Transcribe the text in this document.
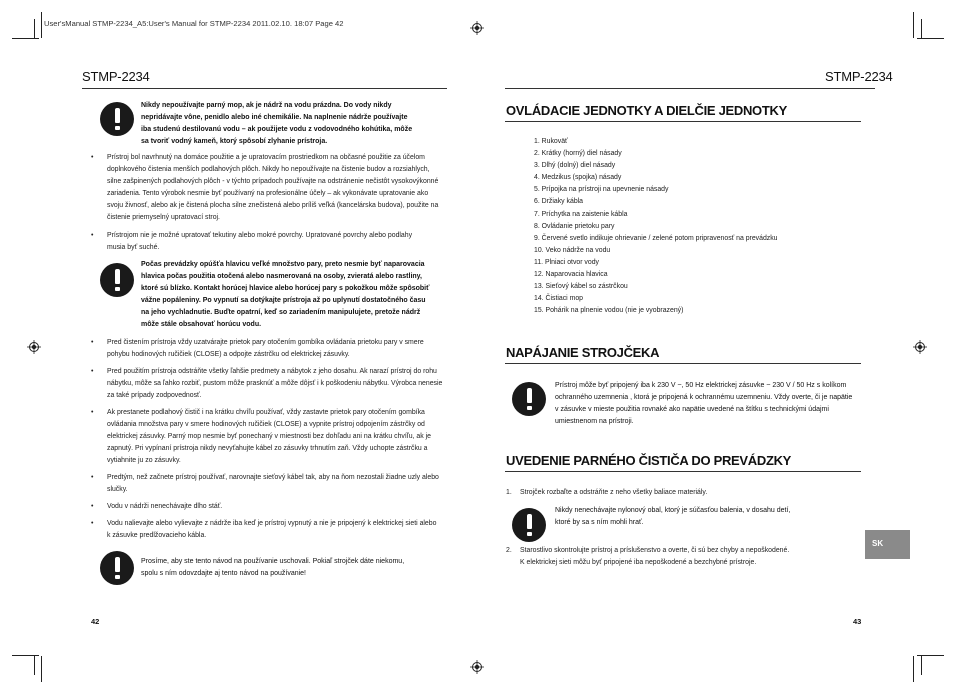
User'sManual STMP-2234_A5:User's Manual for STMP-2234 2011.02.10. 18:07 Page 42
STMP-2234
Nikdy nepoužívajte parný mop, ak je nádrž na vodu prázdna. Do vody nikdy
nepridávajte vône, penidlo alebo iné chemikálie. Na naplnenie nádrže používajte
iba studenú destilovanú vodu – ak použijete vodu z vodovodného kohútika, môže
sa tvoriť vodný kameň, ktorý spôsobí zlyhanie prístroja.
• Prístroj bol navrhnutý na domáce použitie a je upratovacím prostriedkom na občasné použitie za účelom
doplnkového čistenia menších podlahových plôch. Nikdy ho nepoužívajte na čistenie budov a rozsiahlych,
silne zašpinených podlahových plôch - v týchto prípadoch používajte na odstránenie nečistôt vysokovýkonné
zariadenia. Tento výrobok nesmie byť používaný na profesionálne účely – ak vykonávate upratovanie ako
svoju živnosť, alebo ak je čistená plocha silne znečistená alebo príliš veľká (kancelárska budova), použite na
čistenie priemyselný upratovací stroj.
• Prístrojom nie je možné upratovať tekutiny alebo mokré povrchy. Upratované povrchy alebo podlahy
musia byť suché.
Počas prevádzky opúšťa hlavicu veľké množstvo pary, preto nesmie byť naparovacia
hlavica počas použitia otočená alebo nasmerovaná na osoby, zvieratá alebo rastliny,
ktoré sú blízko. Kontakt horúcej hlavice alebo horúcej pary s pokožkou môže spôsobiť
vážne popáleniny. Po vypnutí sa dotýkajte prístroja až po uplynutí dostatočného času
na jeho vychladnutie. Buďte opatrní, keď so zariadením manipulujete, pretože nádrž
môže stále obsahovať horúcu vodu.
• Pred čistením prístroja vždy uzatvárajte prietok pary otočením gombíka ovládania prietoku pary v smere
pohybu hodinových ručičiek (CLOSE) a odpojte zástrčku od elektrickej zásuvky.
• Pred použitím prístroja odstráňte všetky ľahšie predmety a nábytok z jeho dosahu. Ak narazí prístroj do rohu
nábytku, môže sa ľahko rozbiť, pustom môže prasknúť a môže dôjsť i k poškodeniu nábytku. Výrobca nenesie
za také prípady zodpovednosť.
• Ak prestanete podlahový čistič i na krátku chvíľu používať, vždy zastavte prietok pary otočením gombíka
ovládania množstva pary v smere hodinových ručičiek (CLOSE) a vypnite prístroj odpojením zástrčky od
elektrickej zásuvky. Parný mop nesmie byť ponechaný v miestnosti bez dohľadu ani na krátku chvíľu, ak je
zapnutý. Pri vypínaní prístroja nikdy nevyťahujte kábel zo zásuvky trhnutím zaň. Vždy uchopte zástrčku a
vytiahnite ju zo zásuvky.
• Predtým, než začnete prístroj používať, narovnajte sieťový kábel tak, aby na ňom nezostali žiadne uzly alebo
slučky.
• Vodu v nádrži nenechávajte dlho stáť.
• Vodu nalievajte alebo vylievajte z nádrže iba keď je prístroj vypnutý a nie je pripojený k elektrickej sieti alebo
k zásuvke predlžovacieho kábla.
Prosíme, aby ste tento návod na používanie uschovali. Pokiaľ strojček dáte niekomu,
spolu s ním odovzdajte aj tento návod na používanie!
42
STMP-2234
OVLÁDACIE JEDNOTKY A DIELČIE JEDNOTKY
1. Rukoväť
2. Krátky (horný) diel násady
3. Dlhý (dolný) diel násady
4. Medzikus (spojka) násady
5. Prípojka na prístroji na upevnenie násady
6. Držiaky kábla
7. Príchytka na zaistenie kábla
8. Ovládanie prietoku pary
9. Červené svetlo indikuje ohrievanie / zelené potom pripravenosť na prevádzku
10. Veko nádrže na vodu
11. Plniaci otvor vody
12. Naparovacia hlavica
13. Sieťový kábel so zástrčkou
14. Čistiaci mop
15. Pohárik na plnenie vodou (nie je vyobrazený)
NAPÁJANIE STROJČEKA
Prístroj môže byť pripojený iba k 230 V ~, 50 Hz elektrickej zásuvke ~ 230 V / 50 Hz s kolíkom
ochranného uzemnenia , ktorá je pripojená k ochrannému uzemneniu. Vždy overte, či je napätie
v zásuvke v mieste použitia rovnaké ako napätie uvedené na štítku s technickými údajmi
umiestnenom na prístroji.
UVEDENIE PARNÉHO ČISTIČA DO PREVÁDZKY
1. Strojček rozbaľte a odstráňte z neho všetky baliace materiály.
Nikdy nenechávajte nylonový obal, ktorý je súčasťou balenia, v dosahu detí,
ktoré by sa s ním mohli hrať.
2. Starostlivo skontrolujte prístroj a príslušenstvo a overte, či sú bez chyby a nepoškodené.
K elektrickej sieti môžu byť pripojené iba nepoškodené a bezchybné prístroje.
SK
43
